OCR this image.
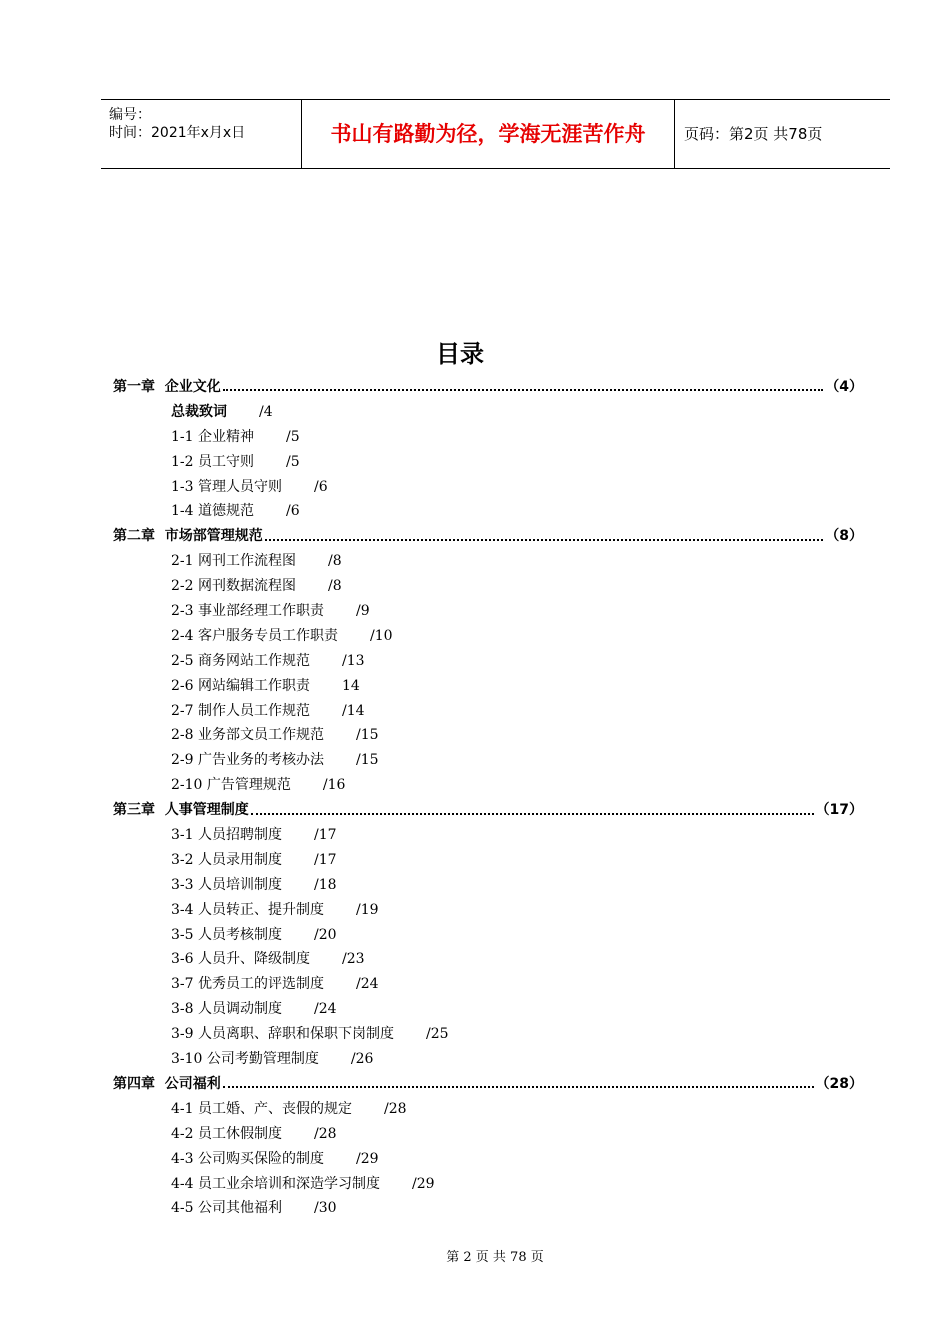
编号：
时间：2021年x月x日	书山有路勤为径，学海无涯苦作舟	页码：第2页 共78页
目录
第一章  企业文化	（4）
总裁致词 /4
1-1 企业精神 /5
1-2 员工守则 /5
1-3 管理人员守则 /6
1-4 道德规范 /6
第二章  市场部管理规范	（8）
2-1 网刊工作流程图 /8
2-2 网刊数据流程图 /8
2-3 事业部经理工作职责 /9
2-4 客户服务专员工作职责 /10
2-5 商务网站工作规范 /13
2-6 网站编辑工作职责 14
2-7 制作人员工作规范 /14
2-8 业务部文员工作规范 /15
2-9 广告业务的考核办法 /15
2-10 广告管理规范 /16
第三章  人事管理制度	（17）
3-1 人员招聘制度 /17
3-2 人员录用制度 /17
3-3 人员培训制度 /18
3-4 人员转正、提升制度 /19
3-5 人员考核制度 /20
3-6 人员升、降级制度 /23
3-7 优秀员工的评选制度 /24
3-8 人员调动制度 /24
3-9 人员离职、辞职和保职下岗制度 /25
3-10 公司考勤管理制度 /26
第四章  公司福利	（28）
4-1 员工婚、产、丧假的规定 /28
4-2 员工休假制度 /28
4-3 公司购买保险的制度 /29
4-4 员工业余培训和深造学习制度 /29
4-5 公司其他福利 /30
第 2 页 共 78 页
